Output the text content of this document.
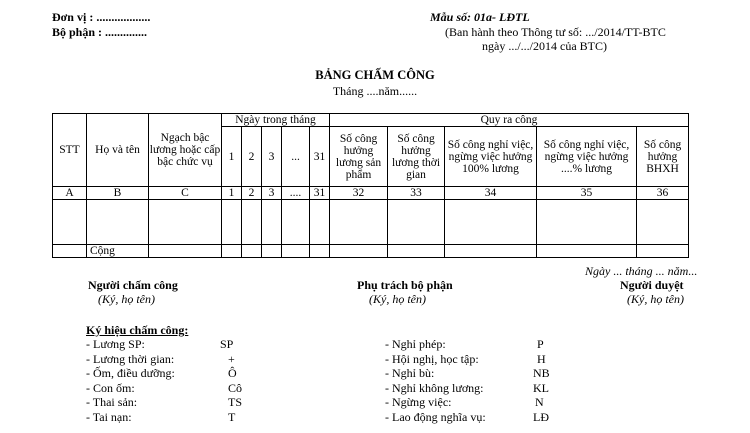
Đơn vị : ..................
Bộ phận : ..............
Mẫu số: 01a- LĐTL
(Ban hành theo Thông tư số: .../2014/TT-BTC
ngày .../.../2014 của BTC)
BẢNG CHẤM CÔNG
Tháng ....năm......
STT	Họ và tên	Ngạch bậc lương hoặc cấp bậc chức vụ	Ngày trong tháng					Quy ra công				
			1	2	3	...	31	Số công hưởng lương sản phẩm	Số công hưởng lương thời gian	Số công nghỉ việc, ngừng việc hưởng 100% lương	Số công nghỉ việc, ngừng việc hưởng ....% lương	Số công hưởng BHXH
A	B	C	1	2	3	....	31	32	33	34	35	36

	Cộng											
Ngày ... tháng ... năm...
Người chấm công
(Ký, họ tên)
Phụ trách bộ phận
(Ký, họ tên)
Người duyệt
(Ký, họ tên)
Ký hiệu chấm công:
- Lương SP:	SP
- Lương thời gian:	+
- Ốm, điều dưỡng:	Ô
- Con ốm:	Cô
- Thai sản:	TS
- Tai nạn:	T
- Nghỉ phép:	P
- Hội nghị, học tập:	H
- Nghỉ bù:	NB
- Nghỉ không lương:	KL
- Ngừng việc:	N
- Lao động nghĩa vụ:	LĐ
